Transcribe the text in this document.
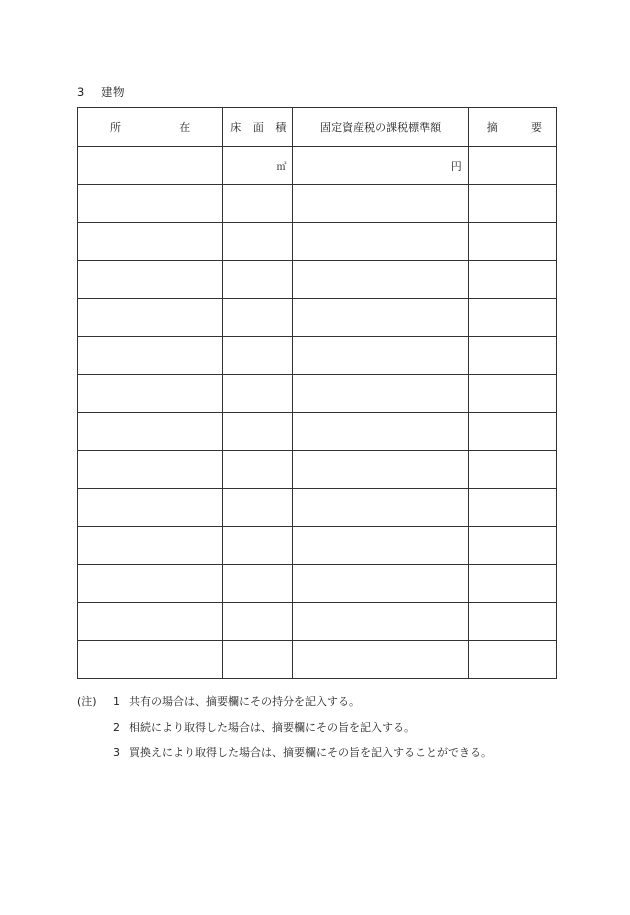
3 建物
所 在	床 面 積	固定資産税の課税標準額	摘 要

	㎡	円	

(注)	1 共有の場合は、摘要欄にその持分を記入する。
2 相続により取得した場合は、摘要欄にその旨を記入する。
3 買換えにより取得した場合は、摘要欄にその旨を記入することができる。
